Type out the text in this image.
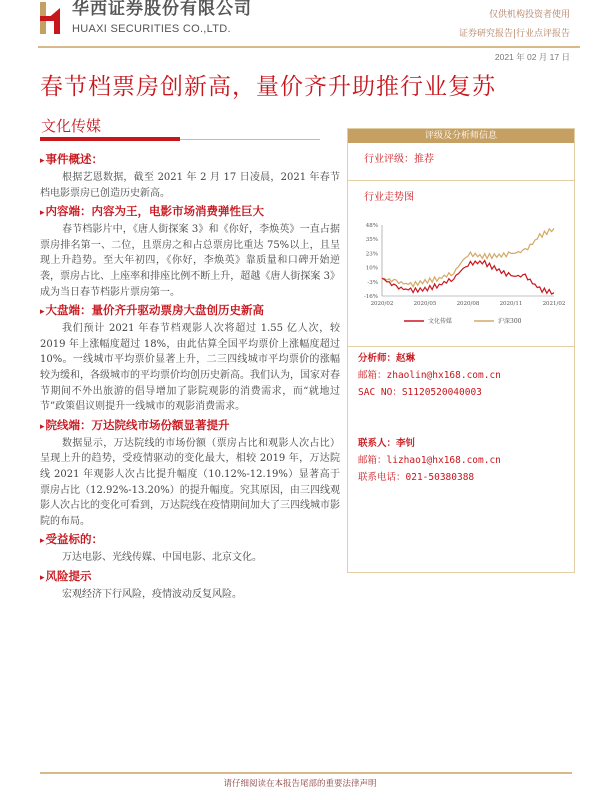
华西证券股份有限公司
HUAXI SECURITIES CO.,LTD.
仅供机构投资者使用
证券研究报告|行业点评报告
2021 年 02 月 17 日
春节档票房创新高，量价齐升助推行业复苏
文化传媒
▸ 事件概述：
根据艺恩数据，截至 2021 年 2 月 17 日凌晨，2021 年春节档电影票房已创造历史新高。
▸ 内容端：内容为王，电影市场消费弹性巨大
春节档影片中，《唐人街探案 3》和《你好，李焕英》一直占据票房排名第一、二位，且票房之和占总票房比重达 75%以上，且呈现上升趋势。至大年初四，《你好，李焕英》靠质量和口碑开始逆袭，票房占比、上座率和排座比例不断上升，超越《唐人街探案 3》成为当日春节档影片票房第一。
▸ 大盘端：量价齐升驱动票房大盘创历史新高
我们预计 2021 年春节档观影人次将超过 1.55 亿人次，较 2019 年上涨幅度超过 18%，由此估算全国平均票价上涨幅度超过 10%。一线城市平均票价显著上升，二三四线城市平均票价的涨幅较为缓和，各级城市的平均票价均创历史新高。我们认为，国家对春节期间不外出旅游的倡导增加了影院观影的消费需求，而“就地过节”政策倡议则提升一线城市的观影消费需求。
▸ 院线端：万达院线市场份额显著提升
数据显示，万达院线的市场份额（票房占比和观影人次占比）呈现上升的趋势，受疫情驱动的变化最大，相较 2019 年，万达院线 2021 年观影人次占比提升幅度（10.12%-12.19%）显著高于票房占比（12.92%-13.20%）的提升幅度。究其原因，由三四线观影人次占比的变化可看到，万达院线在疫情期间加大了三四线城市影院的布局。
▸ 受益标的：
万达电影、光线传媒、中国电影、北京文化。
▸ 风险提示
宏观经济下行风险，疫情波动反复风险。
评级及分析师信息
行业评级：推荐
行业走势图
48%
35%
23%
10%
-3%
-16%
2020/02	2020/05	2020/08	2020/11	2021/02
文化传媒	沪深300
分析师：赵琳
邮箱：zhaolin@hx168.com.cn
SAC NO：S1120520040003
联系人：李钊
邮箱：lizhao1@hx168.com.cn
联系电话：021-50380388
请仔细阅读在本报告尾部的重要法律声明
